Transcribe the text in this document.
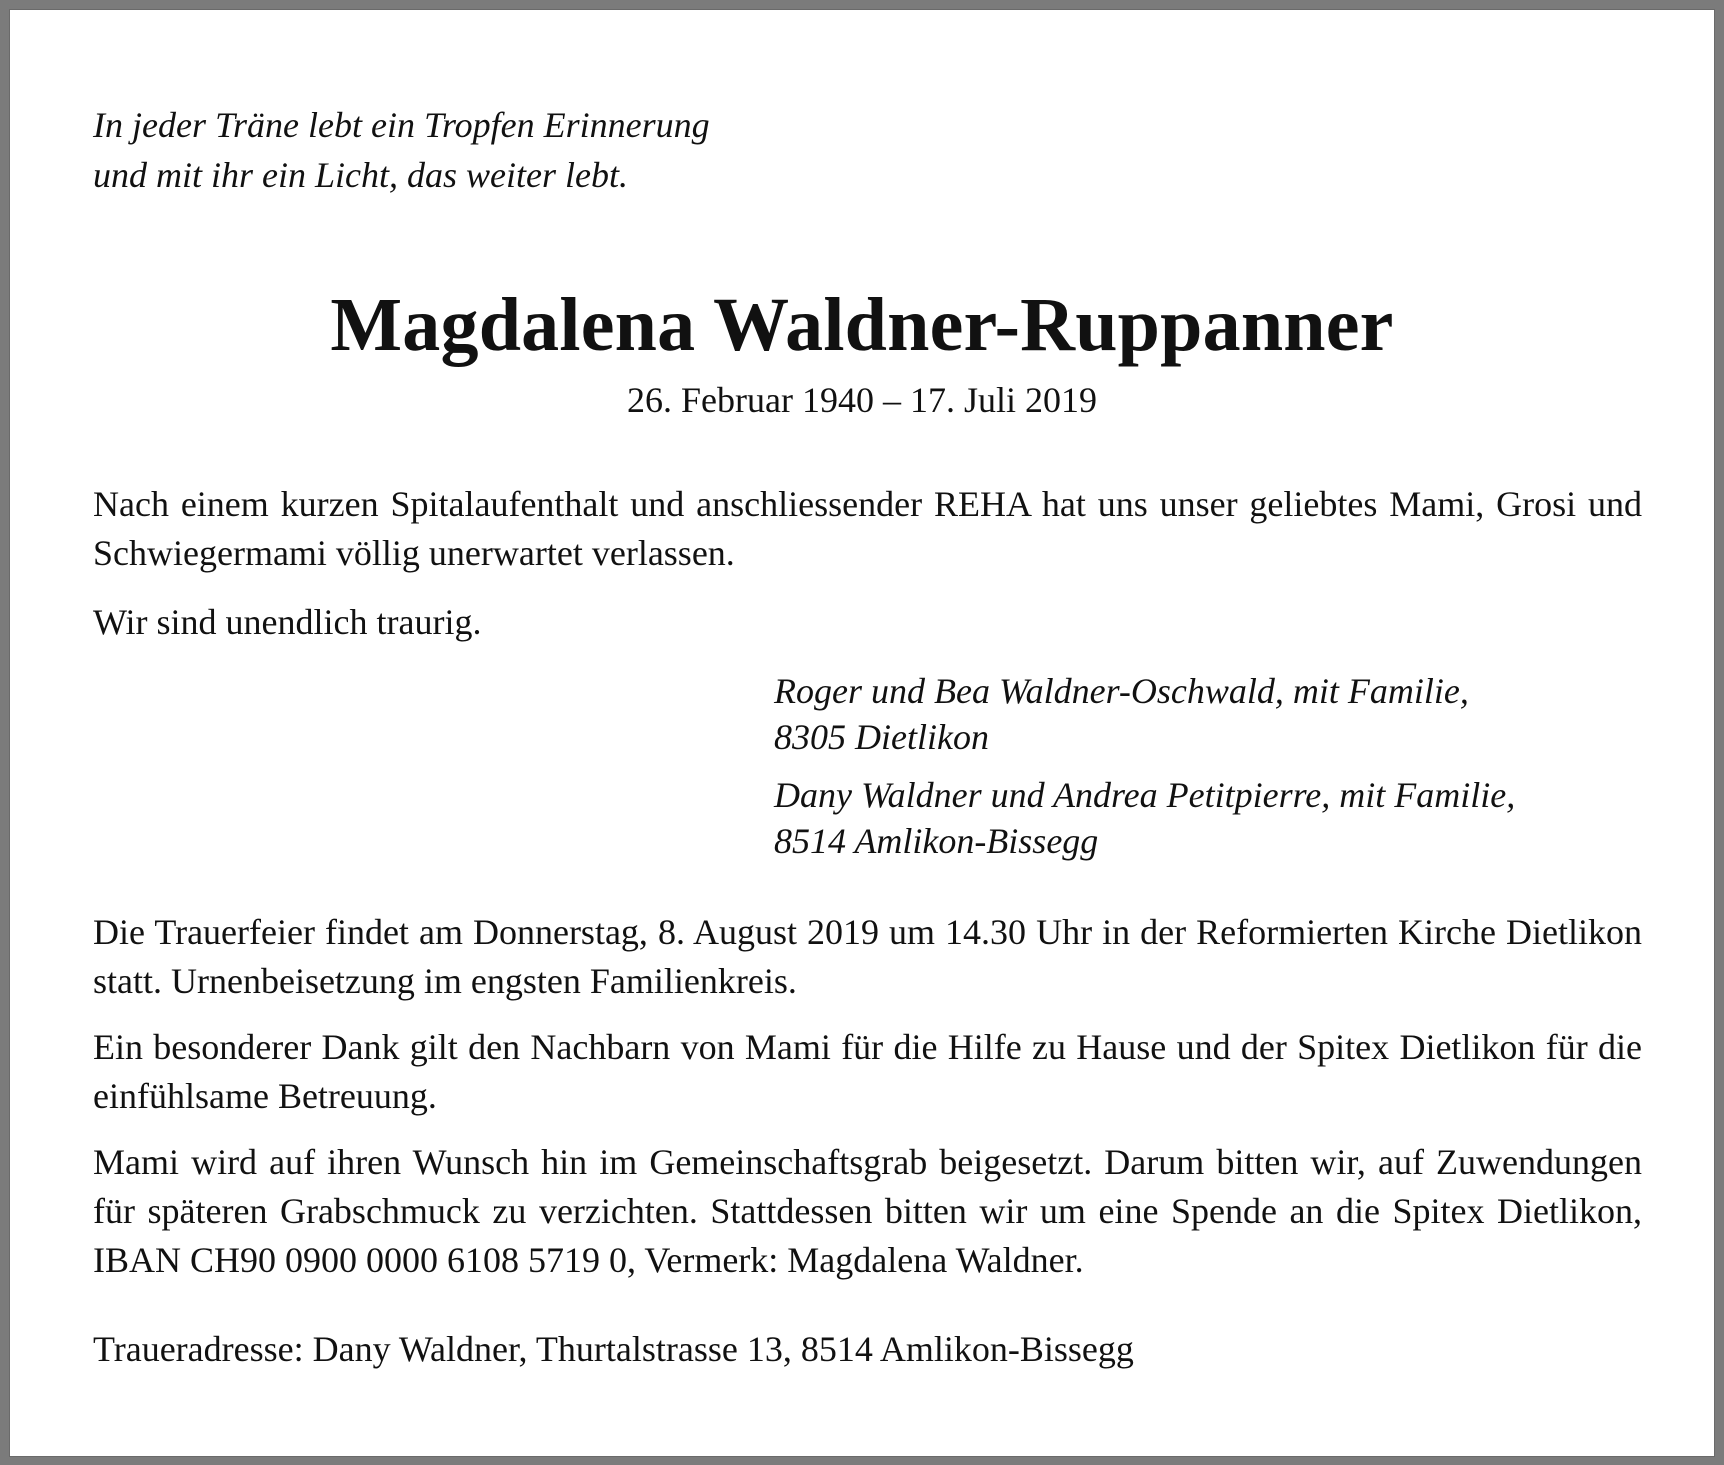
In jeder Träne lebt ein Tropfen Erinnerung
und mit ihr ein Licht, das weiter lebt.

Magdalena Waldner-Ruppanner

26. Februar 1940 – 17. Juli 2019

Nach einem kurzen Spitalaufenthalt und anschliessender REHA hat uns unser geliebtes Mami, Grosi und Schwiegermami völlig unerwartet verlassen.

Wir sind unendlich traurig.

Roger und Bea Waldner-Oschwald, mit Familie,
8305 Dietlikon
Dany Waldner und Andrea Petitpierre, mit Familie,
8514 Amlikon-Bissegg

Die Trauerfeier findet am Donnerstag, 8. August 2019 um 14.30 Uhr in der Reformierten Kirche Dietlikon statt. Urnenbeisetzung im engsten Familienkreis.

Ein besonderer Dank gilt den Nachbarn von Mami für die Hilfe zu Hause und der Spitex Dietlikon für die einfühlsame Betreuung.

Mami wird auf ihren Wunsch hin im Gemeinschaftsgrab beigesetzt. Darum bitten wir, auf Zuwendungen für späteren Grabschmuck zu verzichten. Stattdessen bitten wir um eine Spende an die Spitex Dietlikon, IBAN CH90 0900 0000 6108 5719 0, Vermerk: Magdalena Waldner.

Traueradresse: Dany Waldner, Thurtalstrasse 13, 8514 Amlikon-Bissegg
